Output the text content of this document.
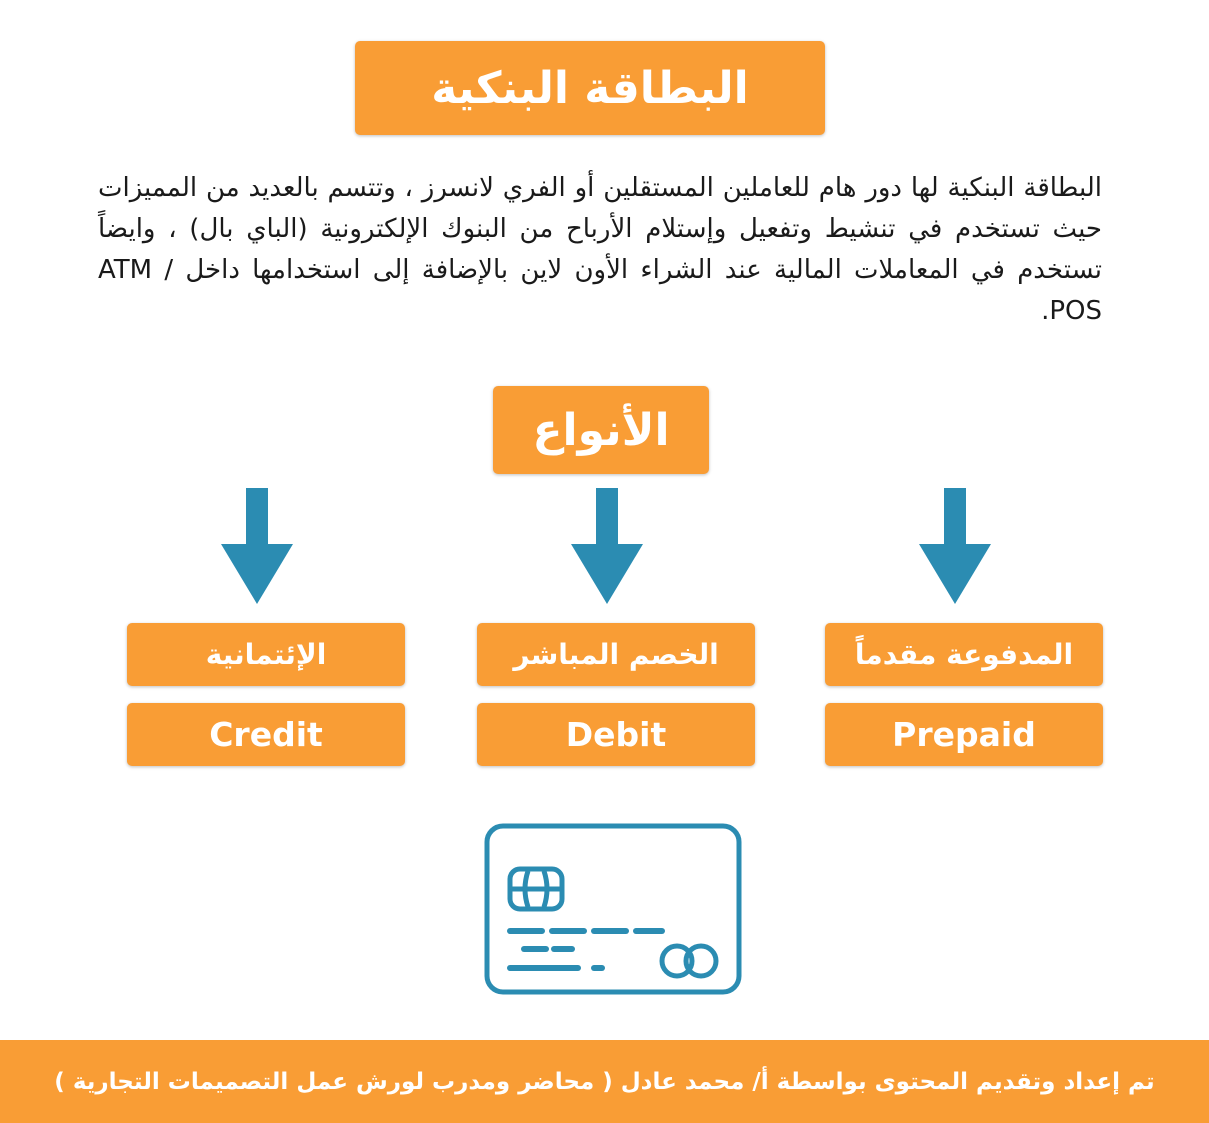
البطاقة البنكية
البطاقة البنكية لها دور هام للعاملين المستقلين أو الفري لانسرز ، وتتسم بالعديد من المميزات حيث تستخدم في تنشيط وتفعيل وإستلام الأرباح من البنوك الإلكترونية (الباي بال) ، وايضاً تستخدم في المعاملات المالية عند الشراء الأون لاين بالإضافة إلى استخدامها داخل ATM / POS.
الأنواع
المدفوعة مقدماً
Prepaid
الخصم المباشر
Debit
الإئتمانية
Credit
تم إعداد وتقديم المحتوى بواسطة أ/ محمد عادل ( محاضر ومدرب لورش عمل التصميمات التجارية )
